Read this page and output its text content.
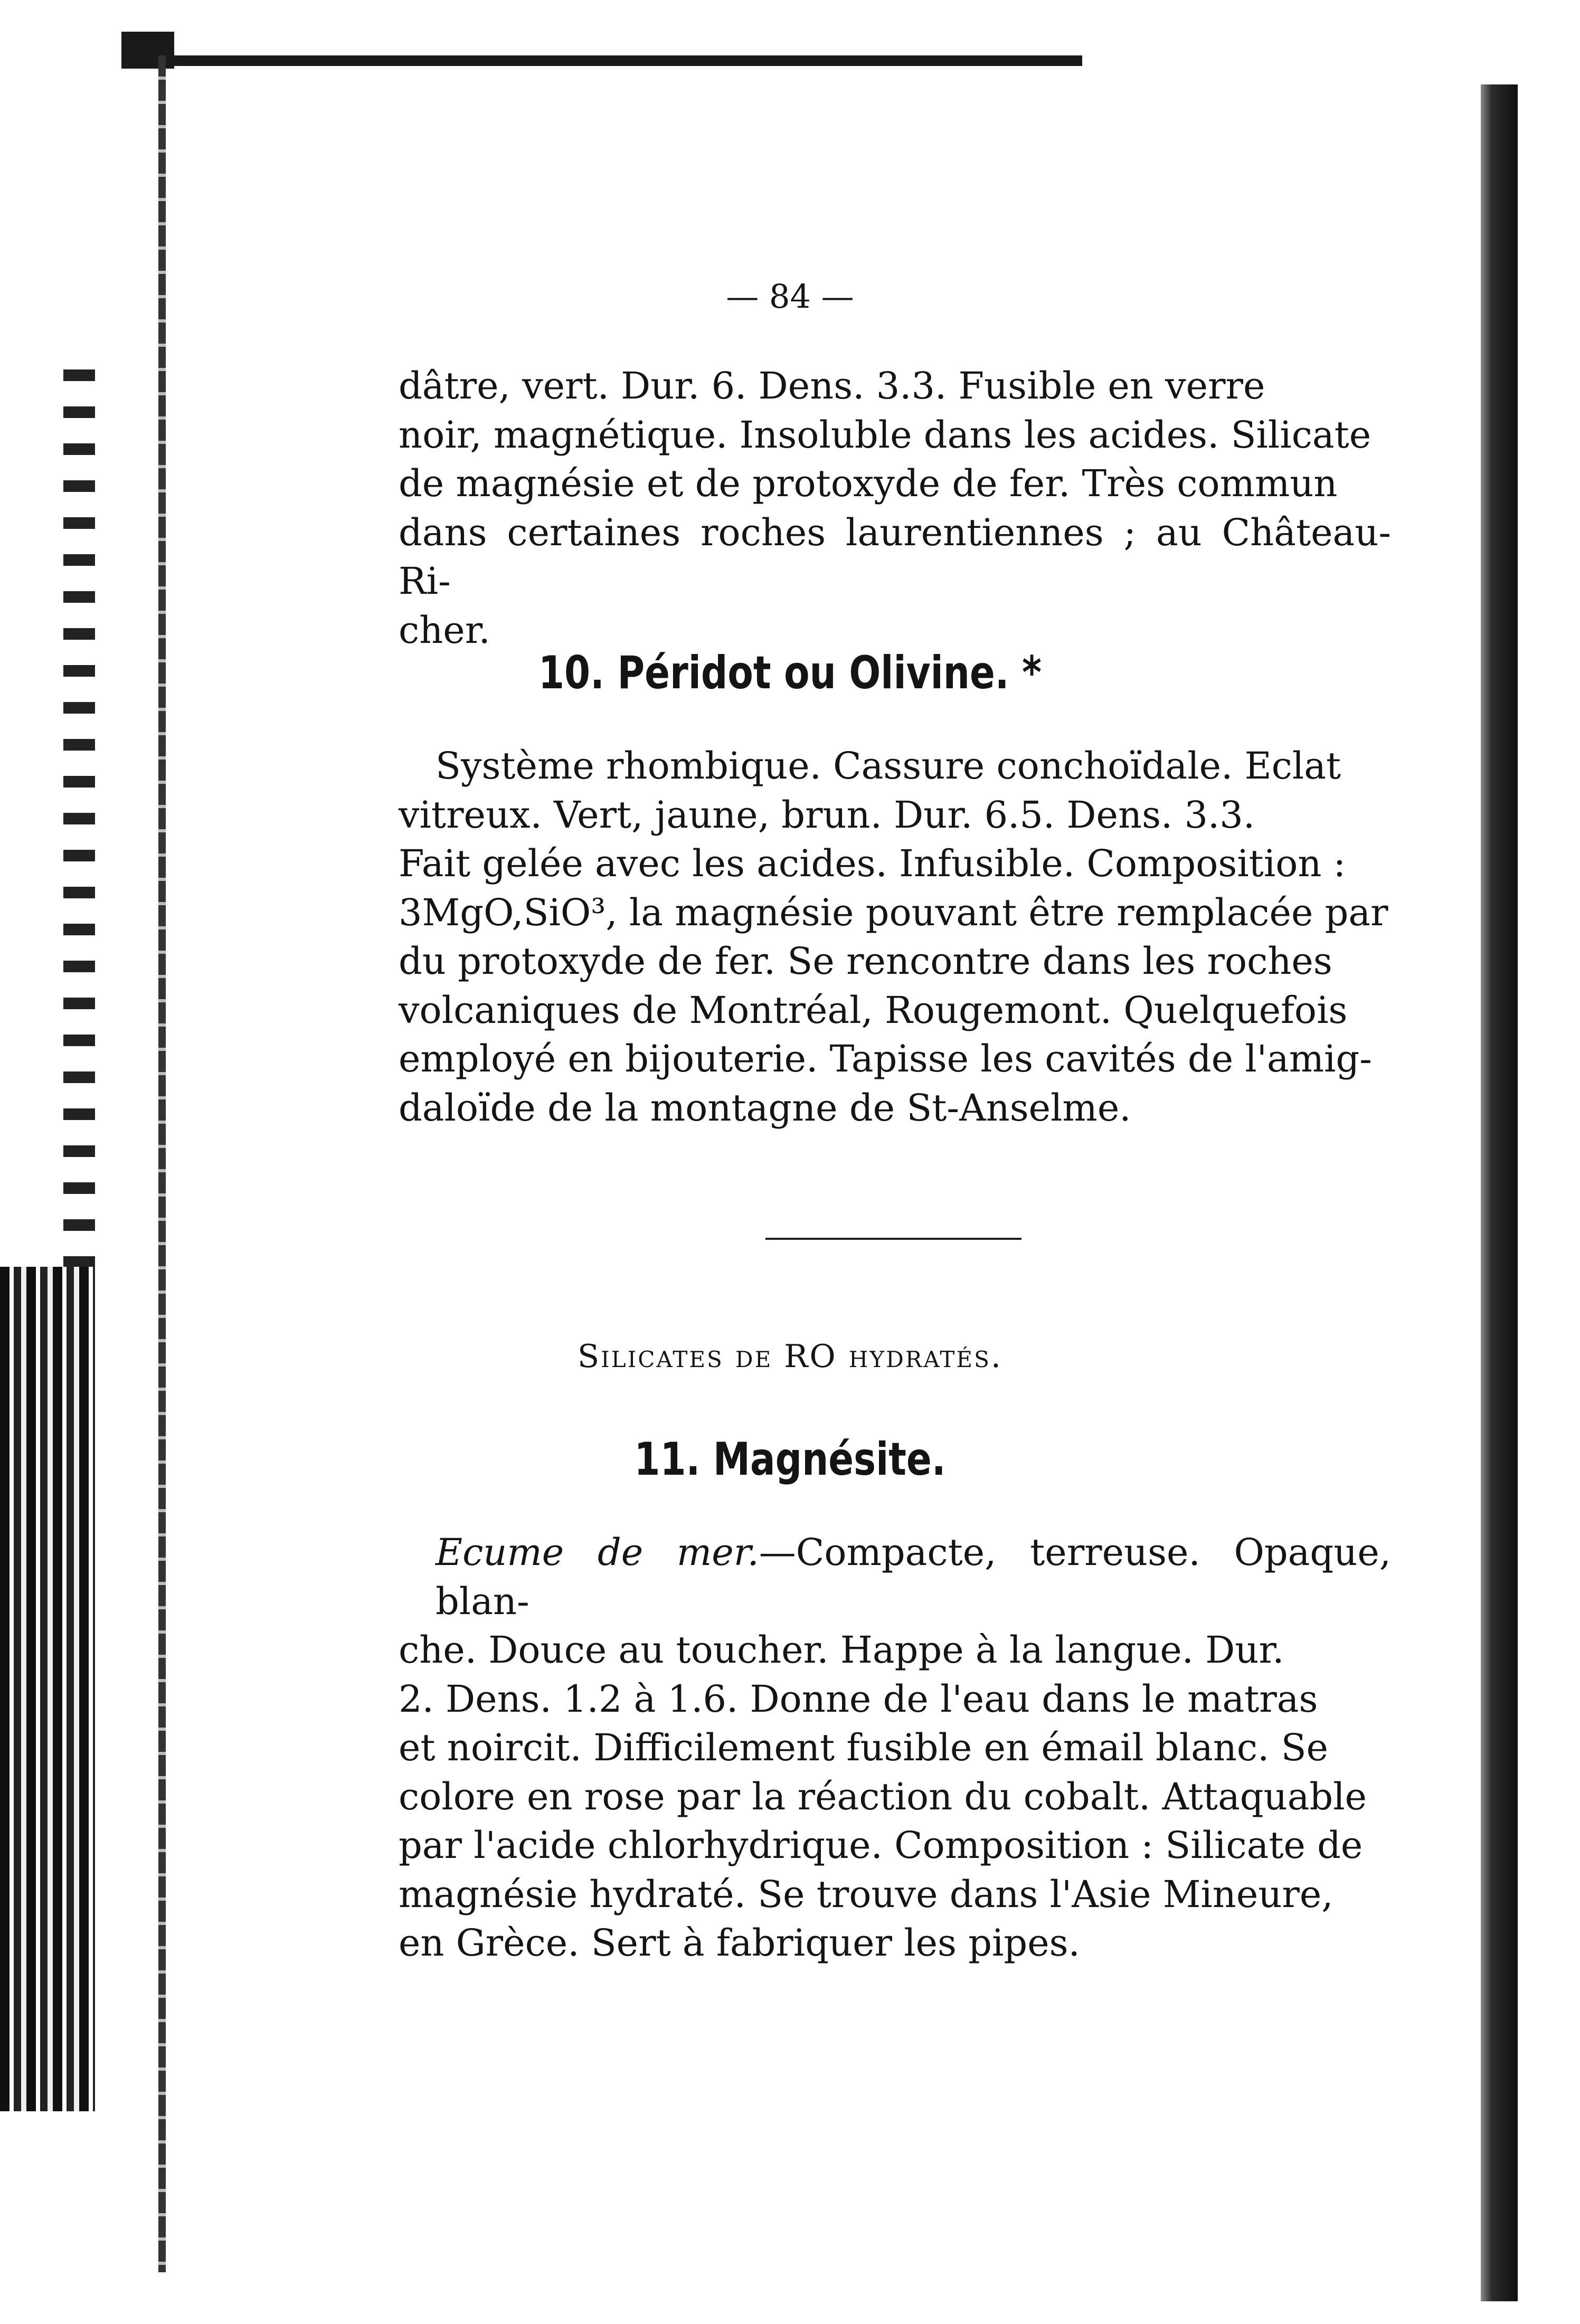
— 84 —

dâtre, vert. Dur. 6. Dens. 3.3. Fusible en verre

noir, magnétique. Insoluble dans les acides. Silicate

de magnésie et de protoxyde de fer. Très commun

dans certaines roches laurentiennes ; au Château-Ri-

cher.

10. Péridot ou Olivine. *

Système rhombique. Cassure conchoïdale. Eclat

vitreux. Vert, jaune, brun. Dur. 6.5. Dens. 3.3.

Fait gelée avec les acides. Infusible. Composition :

3MgO,SiO³, la magnésie pouvant être remplacée par

du protoxyde de fer. Se rencontre dans les roches

volcaniques de Montréal, Rougemont. Quelquefois

employé en bijouterie. Tapisse les cavités de l'amig-

daloïde de la montagne de St-Anselme.

Silicates de RO hydratés.
11. Magnésite.

Ecume de mer.—Compacte, terreuse. Opaque, blan-

che. Douce au toucher. Happe à la langue. Dur.

2. Dens. 1.2 à 1.6. Donne de l'eau dans le matras

et noircit. Difficilement fusible en émail blanc. Se

colore en rose par la réaction du cobalt. Attaquable

par l'acide chlorhydrique. Composition : Silicate de

magnésie hydraté. Se trouve dans l'Asie Mineure,

en Grèce. Sert à fabriquer les pipes.
